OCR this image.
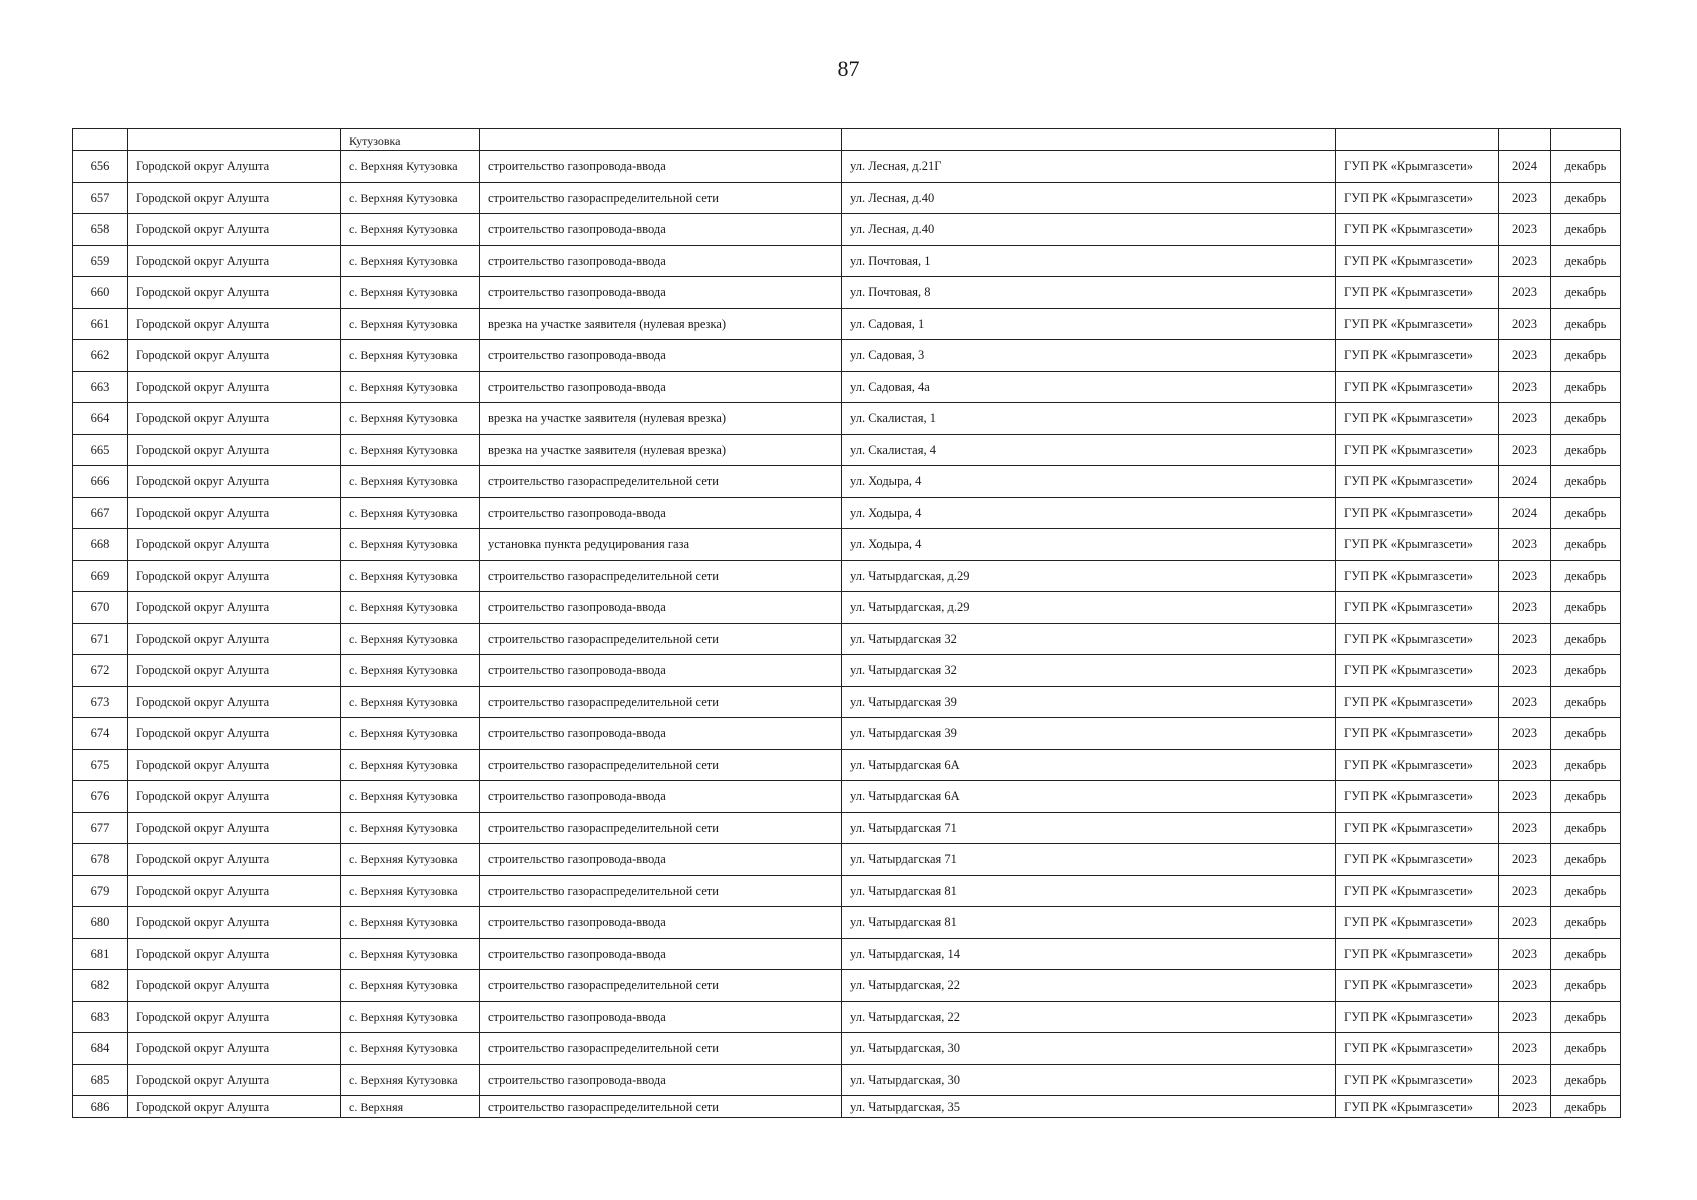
87
		Кутузовка					
656	Городской округ Алушта	с. Верхняя Кутузовка	строительство газопровода-ввода	ул. Лесная, д.21Г	ГУП РК «Крымгазсети»	2024	декабрь
657	Городской округ Алушта	с. Верхняя Кутузовка	строительство газораспределительной сети	ул. Лесная, д.40	ГУП РК «Крымгазсети»	2023	декабрь
658	Городской округ Алушта	с. Верхняя Кутузовка	строительство газопровода-ввода	ул. Лесная, д.40	ГУП РК «Крымгазсети»	2023	декабрь
659	Городской округ Алушта	с. Верхняя Кутузовка	строительство газопровода-ввода	ул. Почтовая, 1	ГУП РК «Крымгазсети»	2023	декабрь
660	Городской округ Алушта	с. Верхняя Кутузовка	строительство газопровода-ввода	ул. Почтовая, 8	ГУП РК «Крымгазсети»	2023	декабрь
661	Городской округ Алушта	с. Верхняя Кутузовка	врезка на участке заявителя (нулевая врезка)	ул. Садовая, 1	ГУП РК «Крымгазсети»	2023	декабрь
662	Городской округ Алушта	с. Верхняя Кутузовка	строительство газопровода-ввода	ул. Садовая, 3	ГУП РК «Крымгазсети»	2023	декабрь
663	Городской округ Алушта	с. Верхняя Кутузовка	строительство газопровода-ввода	ул. Садовая, 4а	ГУП РК «Крымгазсети»	2023	декабрь
664	Городской округ Алушта	с. Верхняя Кутузовка	врезка на участке заявителя (нулевая врезка)	ул. Скалистая, 1	ГУП РК «Крымгазсети»	2023	декабрь
665	Городской округ Алушта	с. Верхняя Кутузовка	врезка на участке заявителя (нулевая врезка)	ул. Скалистая, 4	ГУП РК «Крымгазсети»	2023	декабрь
666	Городской округ Алушта	с. Верхняя Кутузовка	строительство газораспределительной сети	ул. Ходыра, 4	ГУП РК «Крымгазсети»	2024	декабрь
667	Городской округ Алушта	с. Верхняя Кутузовка	строительство газопровода-ввода	ул. Ходыра, 4	ГУП РК «Крымгазсети»	2024	декабрь
668	Городской округ Алушта	с. Верхняя Кутузовка	установка пункта редуцирования газа	ул. Ходыра, 4	ГУП РК «Крымгазсети»	2023	декабрь
669	Городской округ Алушта	с. Верхняя Кутузовка	строительство газораспределительной сети	ул. Чатырдагская, д.29	ГУП РК «Крымгазсети»	2023	декабрь
670	Городской округ Алушта	с. Верхняя Кутузовка	строительство газопровода-ввода	ул. Чатырдагская, д.29	ГУП РК «Крымгазсети»	2023	декабрь
671	Городской округ Алушта	с. Верхняя Кутузовка	строительство газораспределительной сети	ул. Чатырдагская 32	ГУП РК «Крымгазсети»	2023	декабрь
672	Городской округ Алушта	с. Верхняя Кутузовка	строительство газопровода-ввода	ул. Чатырдагская 32	ГУП РК «Крымгазсети»	2023	декабрь
673	Городской округ Алушта	с. Верхняя Кутузовка	строительство газораспределительной сети	ул. Чатырдагская 39	ГУП РК «Крымгазсети»	2023	декабрь
674	Городской округ Алушта	с. Верхняя Кутузовка	строительство газопровода-ввода	ул. Чатырдагская 39	ГУП РК «Крымгазсети»	2023	декабрь
675	Городской округ Алушта	с. Верхняя Кутузовка	строительство газораспределительной сети	ул. Чатырдагская 6А	ГУП РК «Крымгазсети»	2023	декабрь
676	Городской округ Алушта	с. Верхняя Кутузовка	строительство газопровода-ввода	ул. Чатырдагская 6А	ГУП РК «Крымгазсети»	2023	декабрь
677	Городской округ Алушта	с. Верхняя Кутузовка	строительство газораспределительной сети	ул. Чатырдагская 71	ГУП РК «Крымгазсети»	2023	декабрь
678	Городской округ Алушта	с. Верхняя Кутузовка	строительство газопровода-ввода	ул. Чатырдагская 71	ГУП РК «Крымгазсети»	2023	декабрь
679	Городской округ Алушта	с. Верхняя Кутузовка	строительство газораспределительной сети	ул. Чатырдагская 81	ГУП РК «Крымгазсети»	2023	декабрь
680	Городской округ Алушта	с. Верхняя Кутузовка	строительство газопровода-ввода	ул. Чатырдагская 81	ГУП РК «Крымгазсети»	2023	декабрь
681	Городской округ Алушта	с. Верхняя Кутузовка	строительство газопровода-ввода	ул. Чатырдагская, 14	ГУП РК «Крымгазсети»	2023	декабрь
682	Городской округ Алушта	с. Верхняя Кутузовка	строительство газораспределительной сети	ул. Чатырдагская, 22	ГУП РК «Крымгазсети»	2023	декабрь
683	Городской округ Алушта	с. Верхняя Кутузовка	строительство газопровода-ввода	ул. Чатырдагская, 22	ГУП РК «Крымгазсети»	2023	декабрь
684	Городской округ Алушта	с. Верхняя Кутузовка	строительство газораспределительной сети	ул. Чатырдагская, 30	ГУП РК «Крымгазсети»	2023	декабрь
685	Городской округ Алушта	с. Верхняя Кутузовка	строительство газопровода-ввода	ул. Чатырдагская, 30	ГУП РК «Крымгазсети»	2023	декабрь
686	Городской округ Алушта	с. Верхняя	строительство газораспределительной сети	ул. Чатырдагская, 35	ГУП РК «Крымгазсети»	2023	декабрь
